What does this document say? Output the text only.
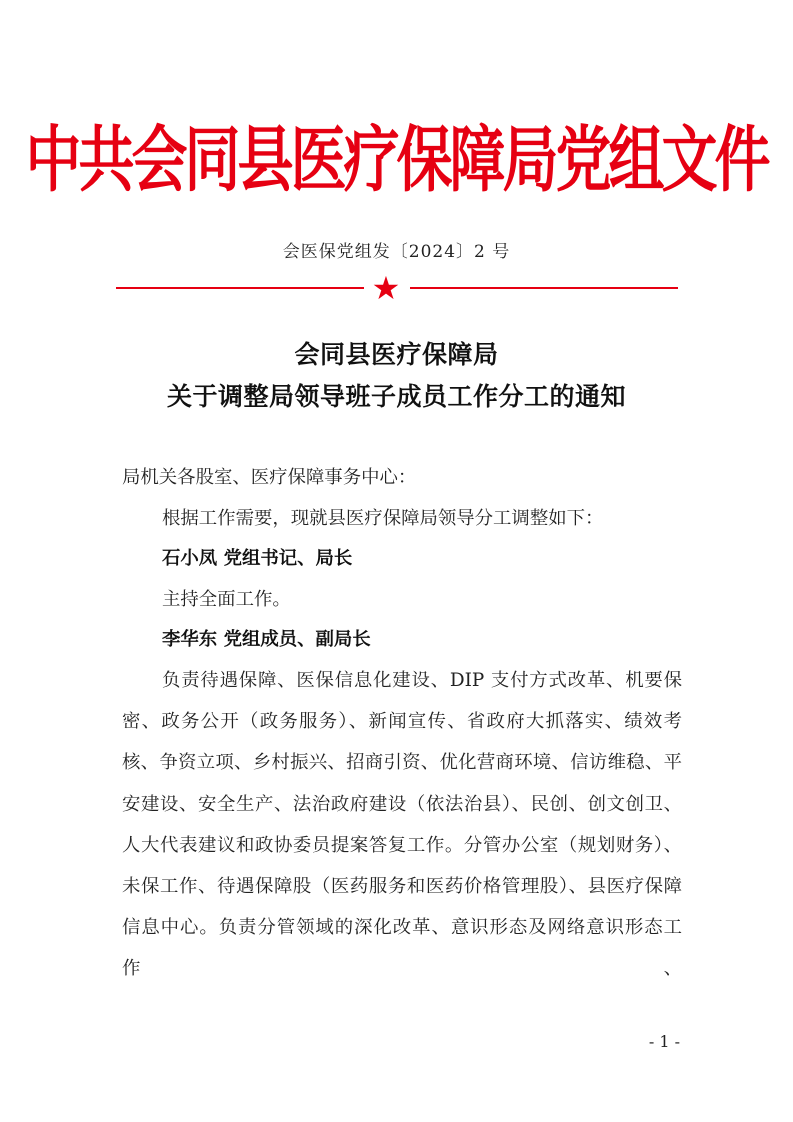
中共会同县医疗保障局党组文件
会医保党组发〔2024〕2 号
★
会同县医疗保障局
关于调整局领导班子成员工作分工的通知
局机关各股室、医疗保障事务中心：
根据工作需要，现就县医疗保障局领导分工调整如下：
石小凤 党组书记、局长
主持全面工作。
李华东 党组成员、副局长
负责待遇保障、医保信息化建设、DIP 支付方式改革、机要保密、政务公开（政务服务）、新闻宣传、省政府大抓落实、绩效考核、争资立项、乡村振兴、招商引资、优化营商环境、信访维稳、平安建设、安全生产、法治政府建设（依法治县）、民创、创文创卫、人大代表建议和政协委员提案答复工作。分管办公室（规划财务）、未保工作、待遇保障股（医药服务和医药价格管理股）、县医疗保障信息中心。负责分管领域的深化改革、意识形态及网络意识形态工作、
- 1 -
